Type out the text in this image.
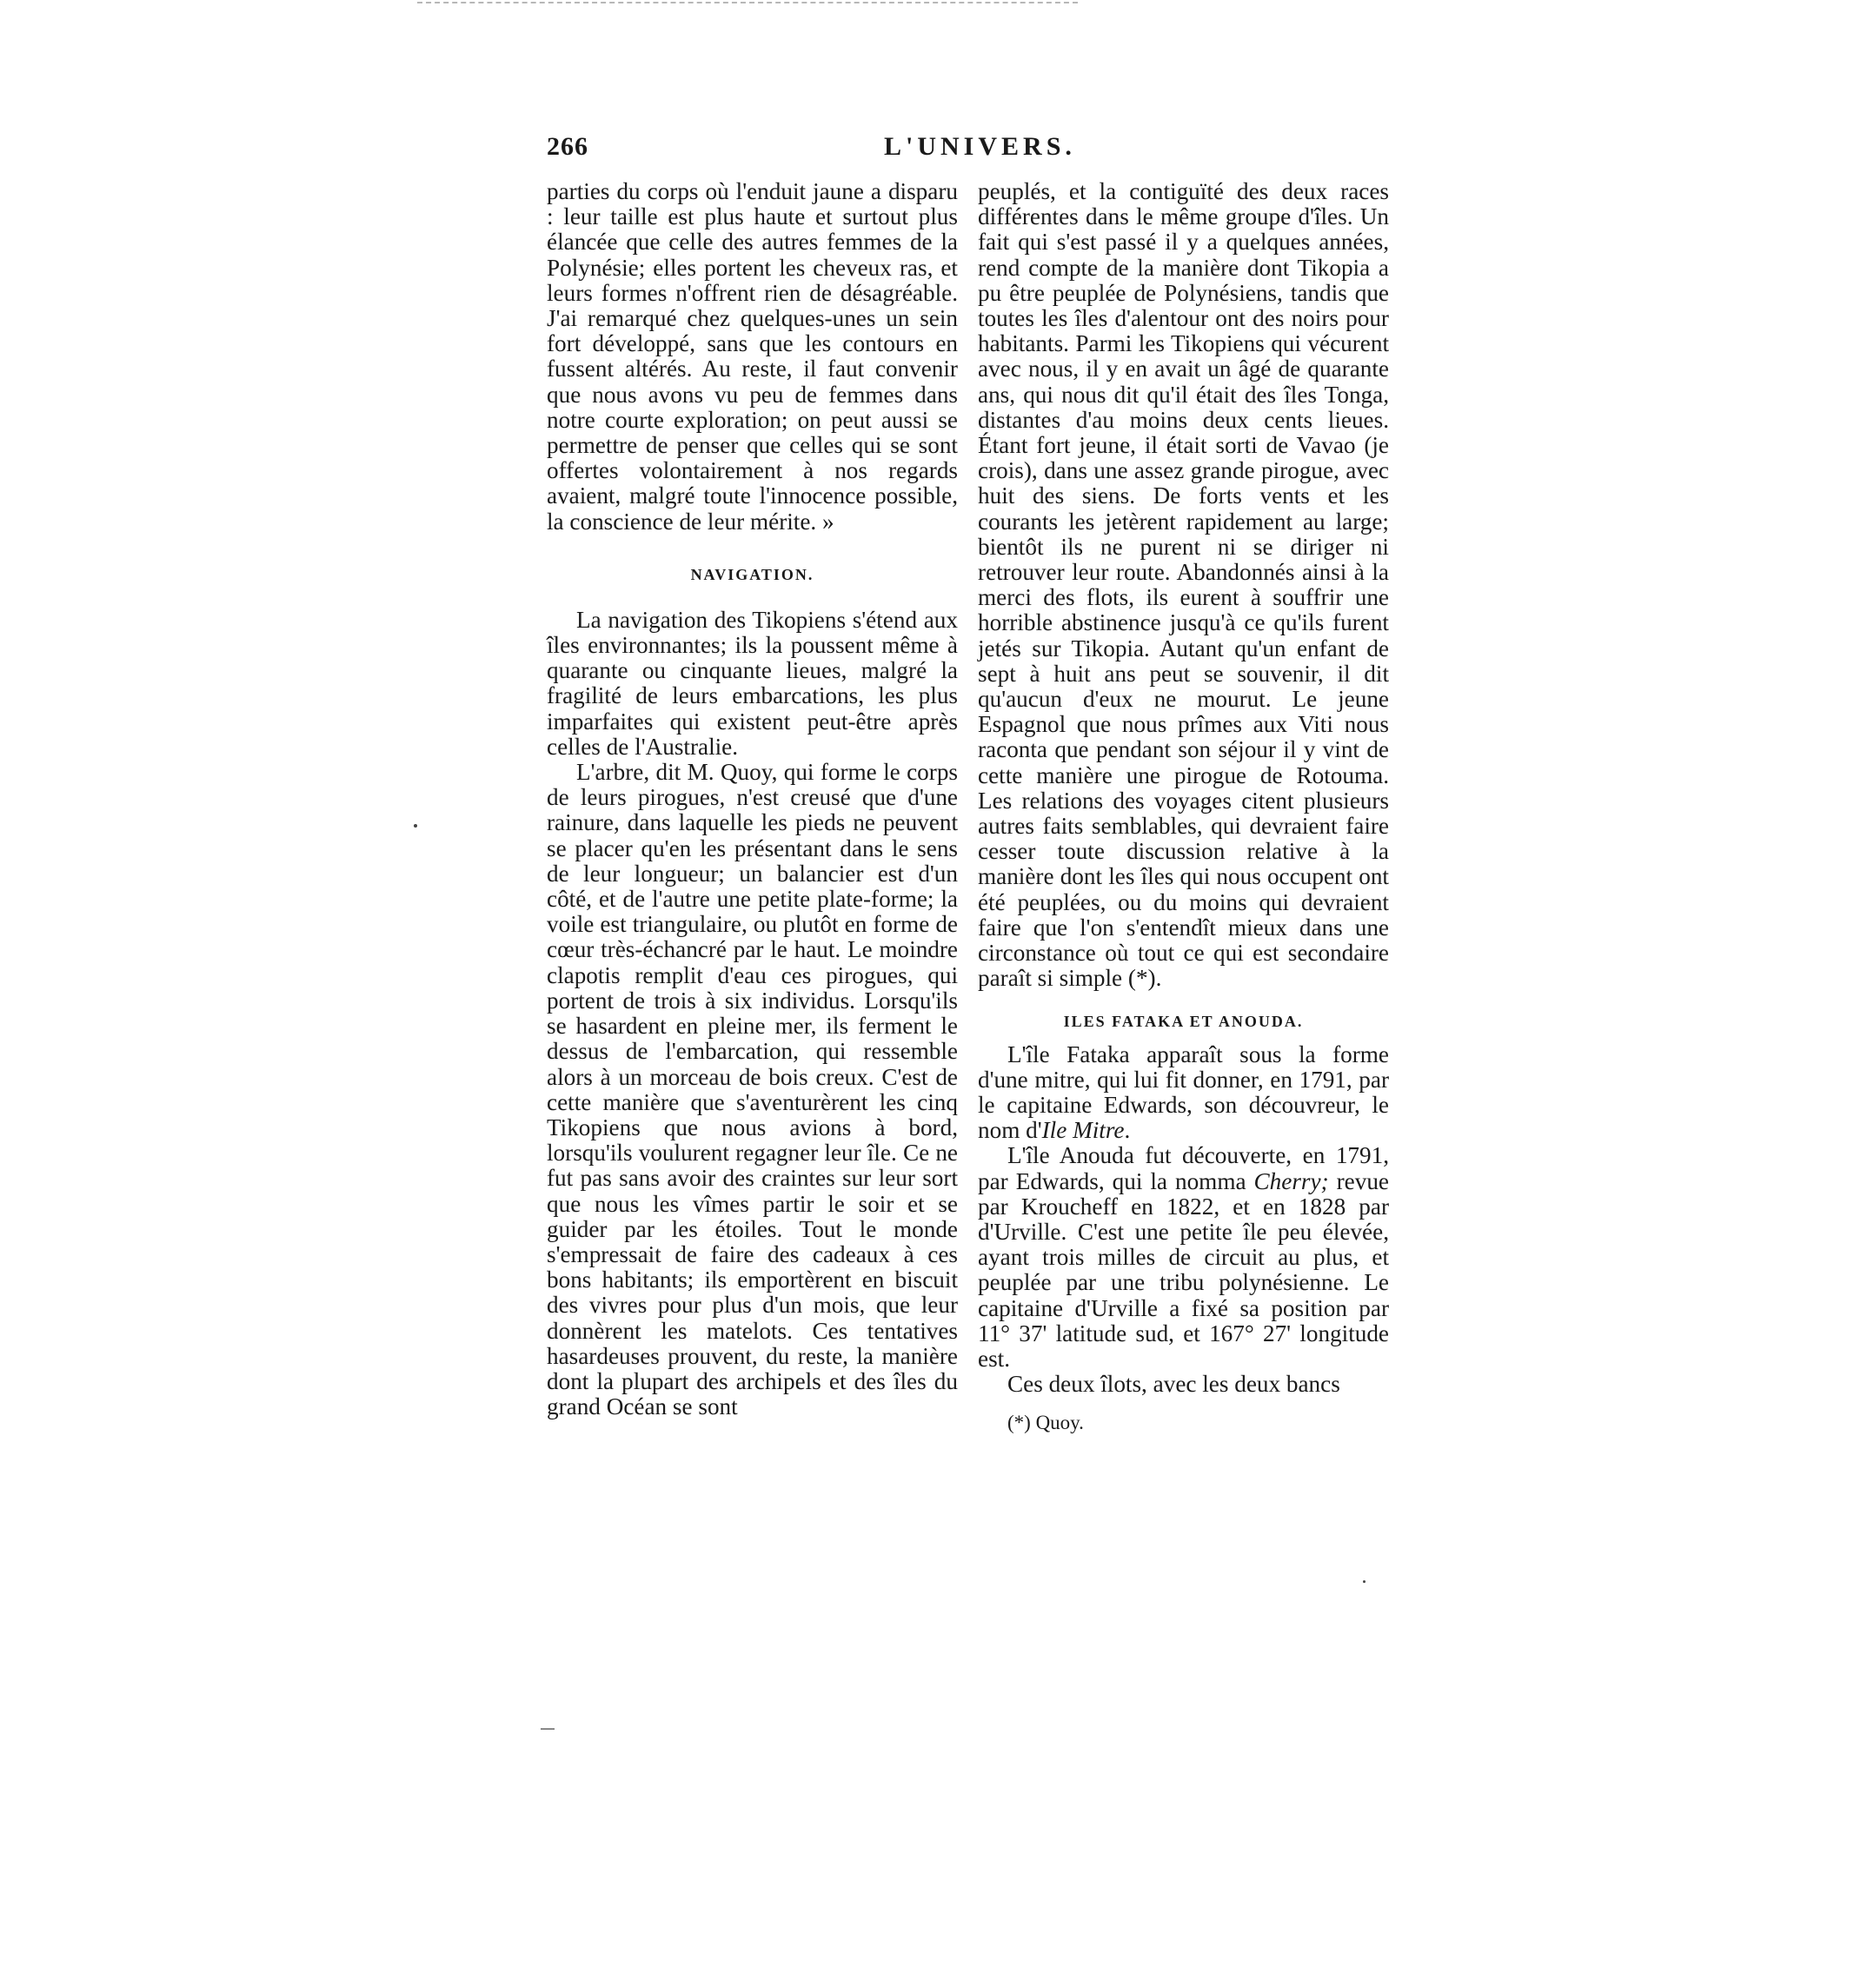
266	L'UNIVERS.

parties du corps où l'enduit jaune a disparu : leur taille est plus haute et surtout plus élancée que celle des autres femmes de la Polynésie; elles portent les cheveux ras, et leurs formes n'offrent rien de désagréable. J'ai remarqué chez quelques-unes un sein fort développé, sans que les contours en fussent altérés. Au reste, il faut convenir que nous avons vu peu de femmes dans notre courte exploration; on peut aussi se permettre de penser que celles qui se sont offertes volontairement à nos regards avaient, malgré toute l'innocence possible, la conscience de leur mérite. »

NAVIGATION.

La navigation des Tikopiens s'étend aux îles environnantes; ils la poussent même à quarante ou cinquante lieues, malgré la fragilité de leurs embarcations, les plus imparfaites qui existent peut-être après celles de l'Australie.

L'arbre, dit M. Quoy, qui forme le corps de leurs pirogues, n'est creusé que d'une rainure, dans laquelle les pieds ne peuvent se placer qu'en les présentant dans le sens de leur longueur; un balancier est d'un côté, et de l'autre une petite plate-forme; la voile est triangulaire, ou plutôt en forme de cœur très-échancré par le haut. Le moindre clapotis remplit d'eau ces pirogues, qui portent de trois à six individus. Lorsqu'ils se hasardent en pleine mer, ils ferment le dessus de l'embarcation, qui ressemble alors à un morceau de bois creux. C'est de cette manière que s'aventurèrent les cinq Tikopiens que nous avions à bord, lorsqu'ils voulurent regagner leur île. Ce ne fut pas sans avoir des craintes sur leur sort que nous les vîmes partir le soir et se guider par les étoiles. Tout le monde s'empressait de faire des cadeaux à ces bons habitants; ils emportèrent en biscuit des vivres pour plus d'un mois, que leur donnèrent les matelots. Ces tentatives hasardeuses prouvent, du reste, la manière dont la plupart des archipels et des îles du grand Océan se sont

peuplés, et la contiguïté des deux races différentes dans le même groupe d'îles. Un fait qui s'est passé il y a quelques années, rend compte de la manière dont Tikopia a pu être peuplée de Polynésiens, tandis que toutes les îles d'alentour ont des noirs pour habitants. Parmi les Tikopiens qui vécurent avec nous, il y en avait un âgé de quarante ans, qui nous dit qu'il était des îles Tonga, distantes d'au moins deux cents lieues. Étant fort jeune, il était sorti de Vavao (je crois), dans une assez grande pirogue, avec huit des siens. De forts vents et les courants les jetèrent rapidement au large; bientôt ils ne purent ni se diriger ni retrouver leur route. Abandonnés ainsi à la merci des flots, ils eurent à souffrir une horrible abstinence jusqu'à ce qu'ils furent jetés sur Tikopia. Autant qu'un enfant de sept à huit ans peut se souvenir, il dit qu'aucun d'eux ne mourut. Le jeune Espagnol que nous prîmes aux Viti nous raconta que pendant son séjour il y vint de cette manière une pirogue de Rotouma. Les relations des voyages citent plusieurs autres faits semblables, qui devraient faire cesser toute discussion relative à la manière dont les îles qui nous occupent ont été peuplées, ou du moins qui devraient faire que l'on s'entendît mieux dans une circonstance où tout ce qui est secondaire paraît si simple (*).

ILES FATAKA ET ANOUDA.

L'île Fataka apparaît sous la forme d'une mitre, qui lui fit donner, en 1791, par le capitaine Edwards, son découvreur, le nom d'Ile Mitre.

L'île Anouda fut découverte, en 1791, par Edwards, qui la nomma Cherry; revue par Kroucheff en 1822, et en 1828 par d'Urville. C'est une petite île peu élevée, ayant trois milles de circuit au plus, et peuplée par une tribu polynésienne. Le capitaine d'Urville a fixé sa position par 11° 37' latitude sud, et 167° 27' longitude est.

Ces deux îlots, avec les deux bancs

(*) Quoy.
